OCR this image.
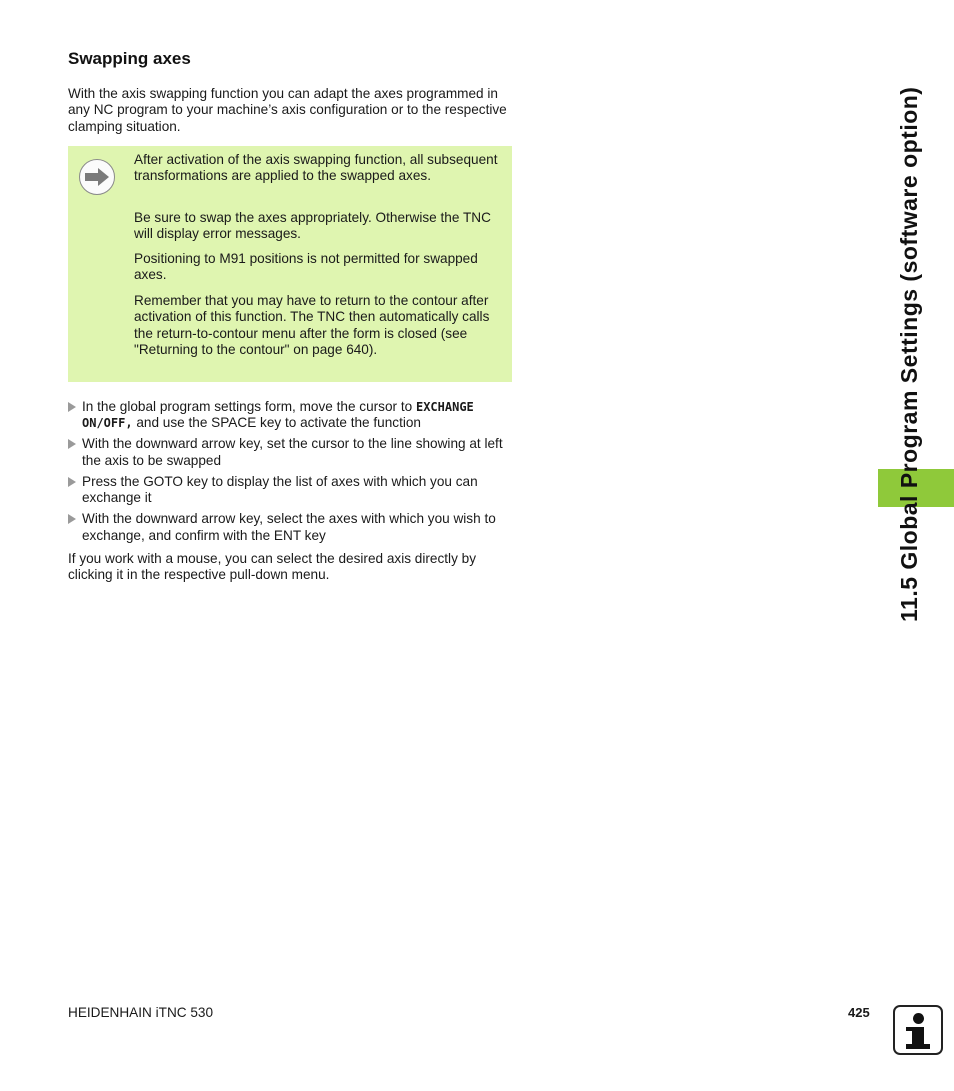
Swapping axes

With the axis swapping function you can adapt the axes programmed in any NC program to your machine’s axis configuration or to the respective clamping situation.

After activation of the axis swapping function, all subsequent transformations are applied to the swapped axes.

Be sure to swap the axes appropriately. Otherwise the TNC will display error messages.

Positioning to M91 positions is not permitted for swapped axes.

Remember that you may have to return to the contour after activation of this function. The TNC then automatically calls the return-to-contour menu after the form is closed (see "Returning to the contour" on page 640).

In the global program settings form, move the cursor to EXCHANGE ON/OFF, and use the SPACE key to activate the function
With the downward arrow key, set the cursor to the line showing at left the axis to be swapped
Press the GOTO key to display the list of axes with which you can exchange it
With the downward arrow key, select the axes with which you wish to exchange, and confirm with the ENT key

If you work with a mouse, you can select the desired axis directly by clicking it in the respective pull-down menu.	11.5 Global Program Settings (software option)
HEIDENHAIN iTNC 530	425
